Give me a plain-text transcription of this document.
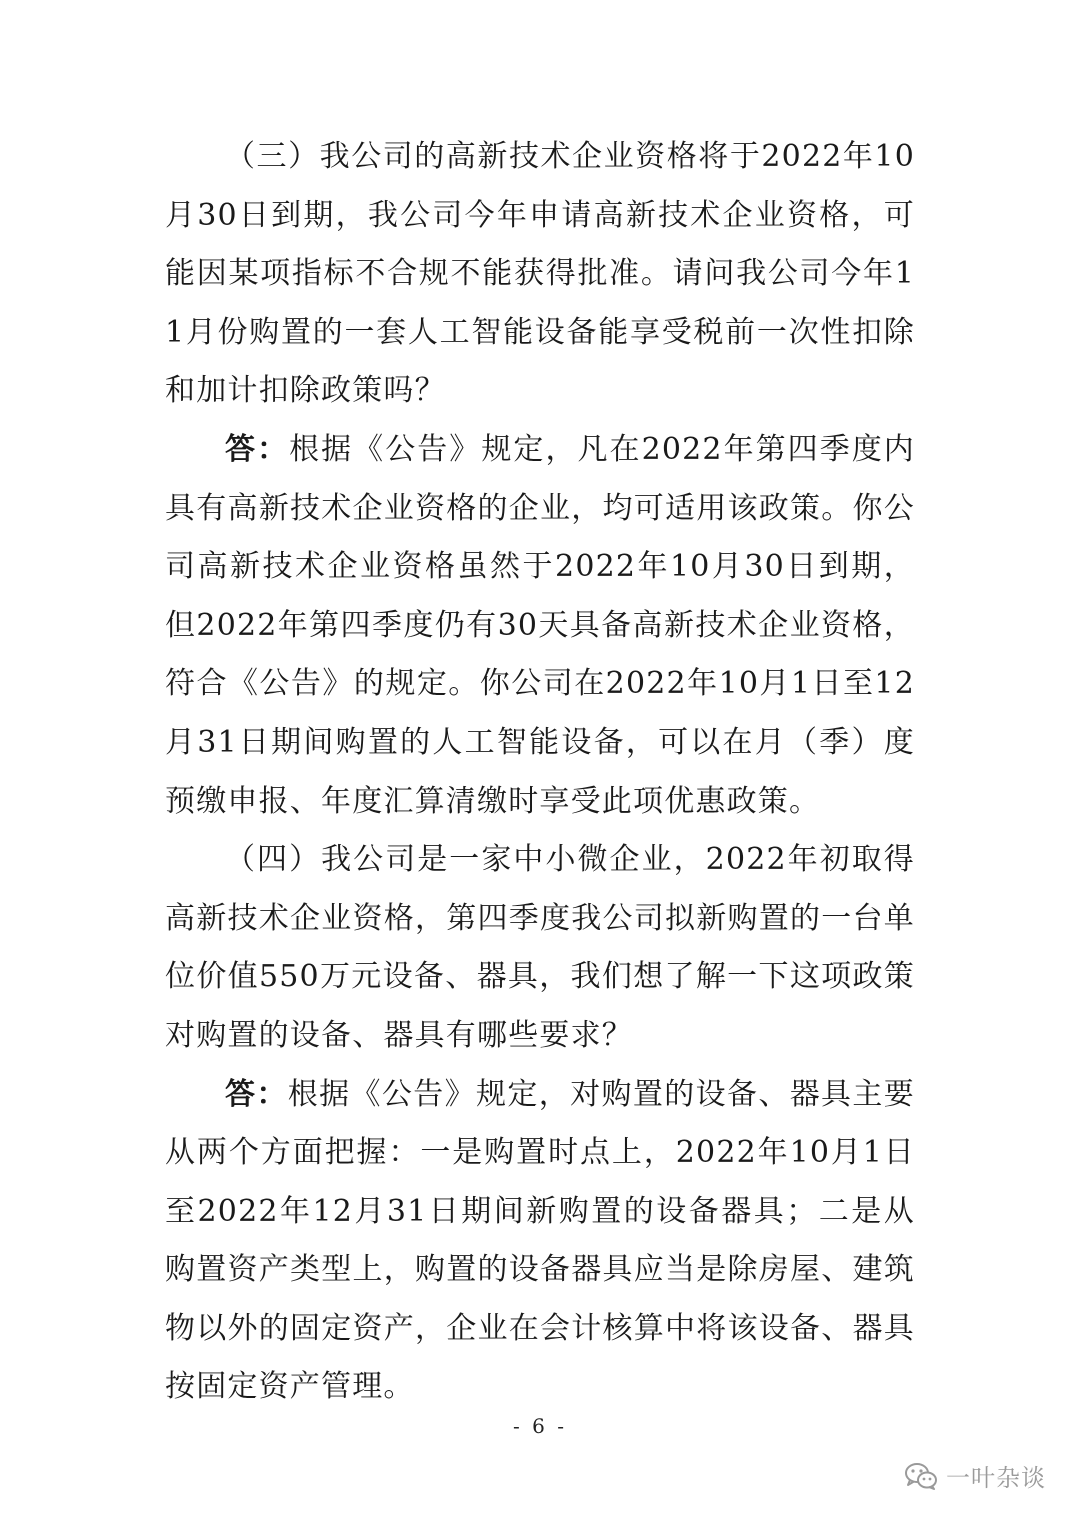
（三）我公司的高新技术企业资格将于2022年10月30日到期，我公司今年申请高新技术企业资格，可能因某项指标不合规不能获得批准。请问我公司今年11月份购置的一套人工智能设备能享受税前一次性扣除和加计扣除政策吗？

答：根据《公告》规定，凡在2022年第四季度内具有高新技术企业资格的企业，均可适用该政策。你公司高新技术企业资格虽然于2022年10月30日到期，但2022年第四季度仍有30天具备高新技术企业资格，符合《公告》的规定。你公司在2022年10月1日至12月31日期间购置的人工智能设备，可以在月（季）度预缴申报、年度汇算清缴时享受此项优惠政策。

（四）我公司是一家中小微企业，2022年初取得高新技术企业资格，第四季度我公司拟新购置的一台单位价值550万元设备、器具，我们想了解一下这项政策对购置的设备、器具有哪些要求？

答：根据《公告》规定，对购置的设备、器具主要从两个方面把握：一是购置时点上，2022年10月1日至2022年12月31日期间新购置的设备器具；二是从购置资产类型上，购置的设备器具应当是除房屋、建筑物以外的固定资产，企业在会计核算中将该设备、器具按固定资产管理。

- 6 -
一叶杂谈
